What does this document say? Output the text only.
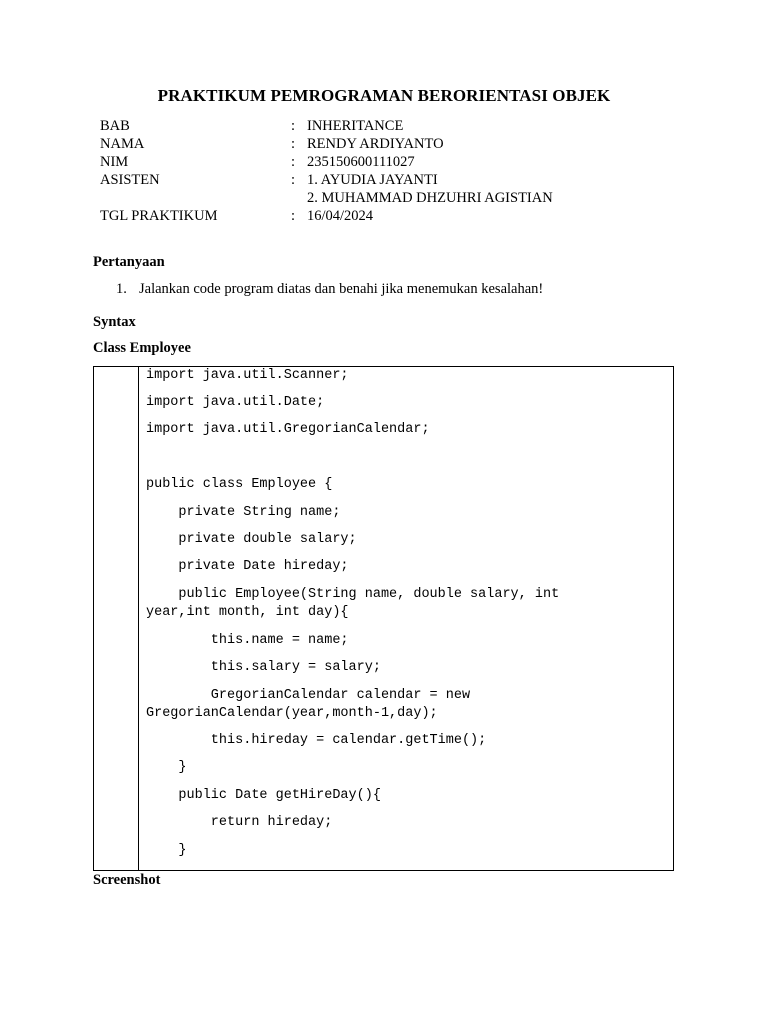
PRAKTIKUM PEMROGRAMAN BERORIENTASI OBJEK
BAB	: INHERITANCE
NAMA	: RENDY ARDIYANTO
NIM	: 235150600111027
ASISTEN	: 1. AYUDIA JAYANTI
2. MUHAMMAD DHZUHRI AGISTIAN
TGL PRAKTIKUM	: 16/04/2024
Pertanyaan
1. Jalankan code program diatas dan benahi jika menemukan kesalahan!
Syntax
Class Employee
import java.util.Scanner;
import java.util.Date;
import java.util.GregorianCalendar;
public class Employee {
private String name;
private double salary;
private Date hireday;
public Employee(String name, double salary, int
year,int month, int day){
this.name = name;
this.salary = salary;
GregorianCalendar calendar = new
GregorianCalendar(year,month-1,day);
this.hireday = calendar.getTime();
}
public Date getHireDay(){
return hireday;
}
Screenshot
